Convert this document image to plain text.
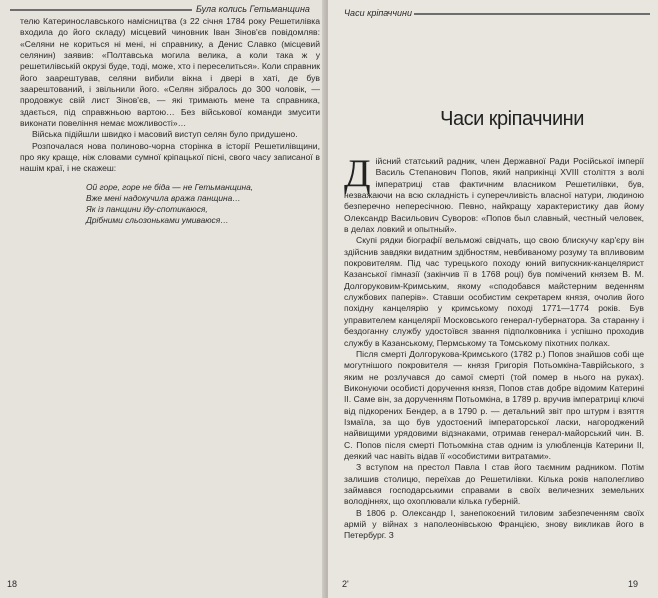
Була колись Гетьманщина

телю Катеринославського намісництва (з 22 січня 1784 року Решетилівка входила до його складу) місцевий чиновник Іван Зінов'єв повідомляв: «Селяни не кориться ні мені, ні справнику, а Денис Славко (місцевий селянин) заявив: «Полтавська могила велика, а коли така ж у решетилівській окрузі буде, тоді, може, хто і переселиться». Коли справник його заарештував, селяни вибили вікна і двері в хаті, де був заарештований, і звільнили його. «Селян зібралось до 300 чоловік, — продовжує свій лист Зінов'єв, — які тримають мене та справника, здається, під справжньою вартою… Без військової команди змусити виконати повеління немає можливості»…

Війська підійшли швидко і масовий виступ селян було придушено.

Розпочалася нова полиново-чорна сторінка в історії Решетилівщини, про яку краще, ніж словами сумної кріпацької пісні, свого часу записаної в нашім краї, і не скажеш:

Ой горе, горе не біда — не Гетьманщина,
Вже мені надокучила вража панщина…
Як iз панщини іду-спотикаюся,
Дрібними сльозоньками умиваюся…
18
Часи кріпаччини
Часи кріпаччини

Дійсний статський радник, член Державної Ради Російської імперії Василь Степанович Попов, який наприкінці XVIII століття з волі імператриці став фактичним власником Решетилівки, був, незважаючи на всю складність і суперечливість власної натури, людиною безперечно непересічною. Певно, найкращу характеристику дав йому Олександр Васильович Суворов: «Попов был славный, честный человек, в делах ловкий и опытный».

Скупі рядки біографії вельможі свідчать, що свою блискучу кар'єру він здійснив завдяки видатним здібностям, невбиваному розуму та впливовим покровителям. Під час турецького походу юний випускник-канцелярист Казанської гімназії (закінчив її в 1768 році) був помічений князем В. М. Долгоруковим-Кримським, якому «сподобався майстерним веденням службових паперів». Ставши особистим секретарем князя, очолив його похідну канцелярію у кримському поході 1771—1774 років. Був управителем канцелярії Московського генерал-губернатора. За старанну і бездоганну службу удостоївся звання підполковника і успішно проходив службу в Казанському, Пермському та Томському піхотних полках.

Після смерті Долгорукова-Кримського (1782 р.) Попов знайшов собі ще могутнішого покровителя — князя Григорія Потьомкіна-Таврійського, з яким не розлучався до самої смерті (той помер в нього на руках). Виконуючи особисті доручення князя, Попов став добре відомим Катерині II. Саме він, за дорученням Потьомкіна, в 1789 р. вручив імператриці ключі від підкорених Бендер, а в 1790 р. — детальний звіт про штурм і взяття Ізмаїла, за що був удостоєний імператорської ласки, нагороджений найвищими урядовими відзнаками, отримав генерал-майорський чин. В. С. Попов після смерті Потьомкіна став одним із улюбленців Катерини II, деякий час навіть відав її «особистими витратами».

З вступом на престол Павла I став його таємним радником. Потім залишив столицю, переїхав до Решетилівки. Кілька років наполегливо займався господарськими справами в своїх величезних земельних володіннях, що охоплювали кілька губерній.

В 1806 р. Олександр I, занепокоєний тиловим забезпеченням своїх армій у війнах з наполеонівською Францією, знову викликав його в Петербург. З

2'	19
